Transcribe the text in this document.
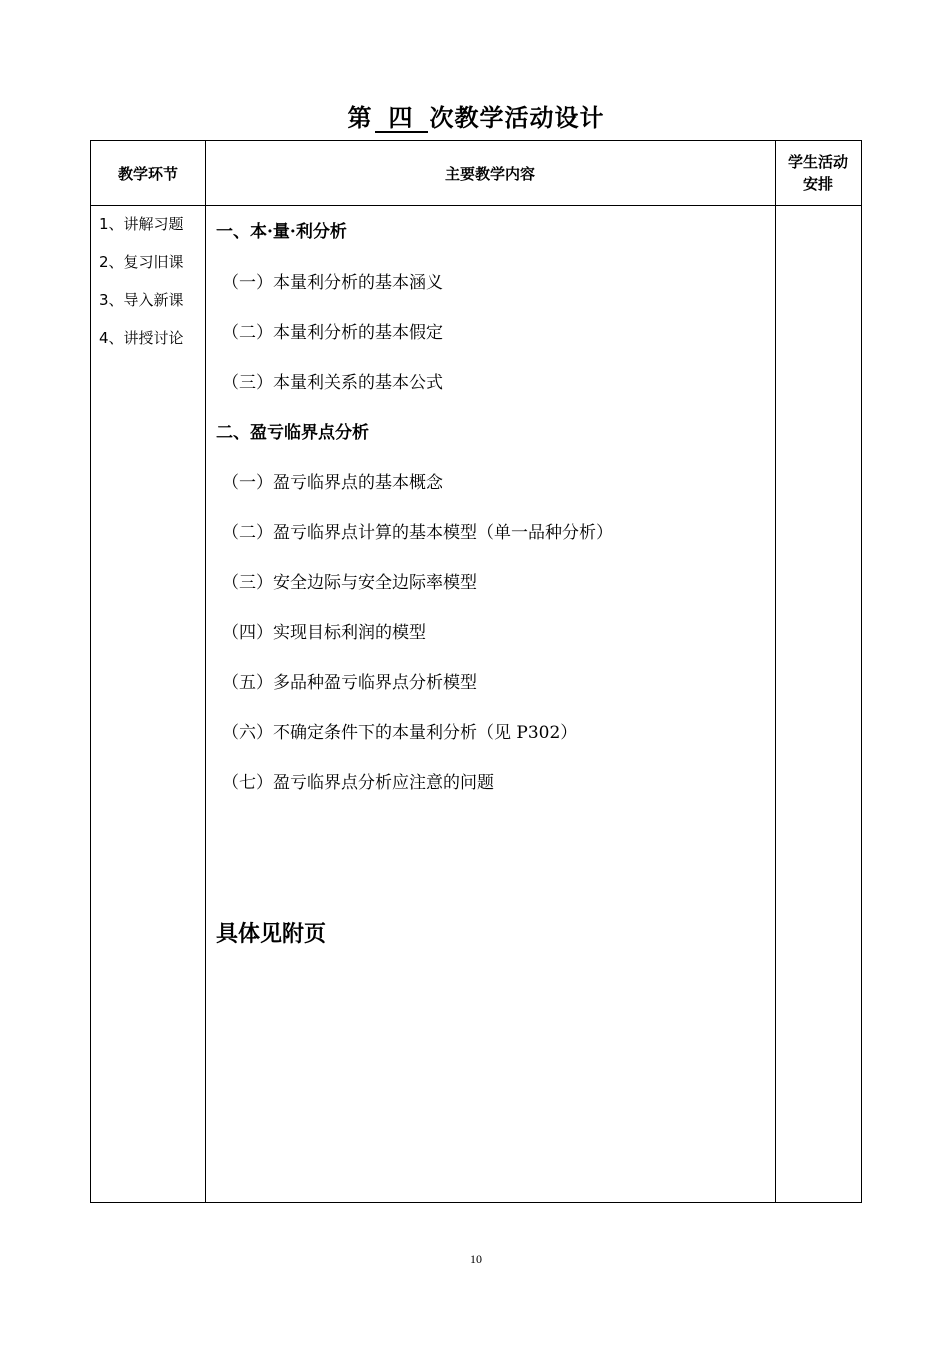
第 四 次教学活动设计
教学环节	主要教学内容
学生活动
安排
1、讲解习题
2、复习旧课
3、导入新课
4、讲授讨论
一、本·量·利分析
（一）本量利分析的基本涵义
（二）本量利分析的基本假定
（三）本量利关系的基本公式
二、盈亏临界点分析
（一）盈亏临界点的基本概念
（二）盈亏临界点计算的基本模型（单一品种分析）
（三）安全边际与安全边际率模型
（四）实现目标利润的模型
（五）多品种盈亏临界点分析模型
（六）不确定条件下的本量利分析（见 P302）
（七）盈亏临界点分析应注意的问题
具体见附页
10
